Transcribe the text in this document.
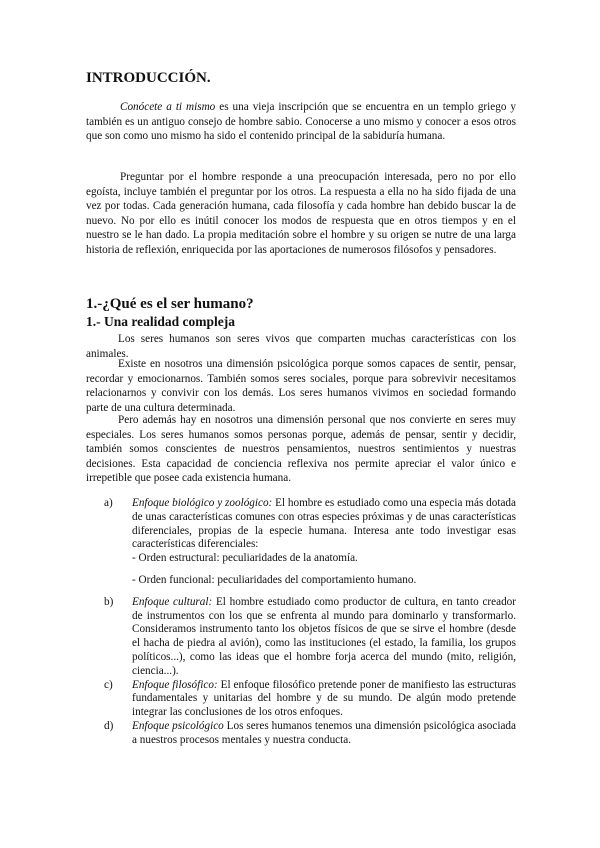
INTRODUCCIÓN.

Conócete a ti mismo es una vieja inscripción que se encuentra en un templo griego y también es un antiguo consejo de hombre sabio. Conocerse a uno mismo y conocer a esos otros que son como uno mismo ha sido el contenido principal de la sabiduría humana.

Preguntar por el hombre responde a una preocupación interesada, pero no por ello egoísta, incluye también el preguntar por los otros. La respuesta a ella no ha sido fijada de una vez por todas. Cada generación humana, cada filosofía y cada hombre han debido buscar la de nuevo. No por ello es inútil conocer los modos de respuesta que en otros tiempos y en el nuestro se le han dado. La propia meditación sobre el hombre y su origen se nutre de una larga historia de reflexión, enriquecida por las aportaciones de numerosos filósofos y pensadores.

1.-¿Qué es el ser humano?
1.- Una realidad compleja

Los seres humanos son seres vivos que comparten muchas características con los animales.

Existe en nosotros una dimensión psicológica porque somos capaces de sentir, pensar, recordar y emocionarnos. También somos seres sociales, porque para sobrevivir necesitamos relacionarnos y convivir con los demás. Los seres humanos vivimos en sociedad formando parte de una cultura determinada.

Pero además hay en nosotros una dimensión personal que nos convierte en seres muy especiales. Los seres humanos somos personas porque, además de pensar, sentir y decidir, también somos conscientes de nuestros pensamientos, nuestros sentimientos y nuestras decisiones. Esta capacidad de conciencia reflexiva nos permite apreciar el valor único e irrepetible que posee cada existencia humana.

a) Enfoque biológico y zoológico: El hombre es estudiado como una especia más dotada de unas características comunes con otras especies próximas y de unas características diferenciales, propias de la especie humana. Interesa ante todo investigar esas características diferenciales:
- Orden estructural: peculiaridades de la anatomía.
- Orden funcional: peculiaridades del comportamiento humano.
b) Enfoque cultural: El hombre estudiado como productor de cultura, en tanto creador de instrumentos con los que se enfrenta al mundo para dominarlo y transformarlo. Consideramos instrumento tanto los objetos físicos de que se sirve el hombre (desde el hacha de piedra al avión), como las instituciones (el estado, la familia, los grupos políticos...), como las ideas que el hombre forja acerca del mundo (mito, religión, ciencia...).
c) Enfoque filosófico: El enfoque filosófico pretende poner de manifiesto las estructuras fundamentales y unitarias del hombre y de su mundo. De algún modo pretende integrar las conclusiones de los otros enfoques.
d) Enfoque psicológico Los seres humanos tenemos una dimensión psicológica asociada a nuestros procesos mentales y nuestra conducta.
